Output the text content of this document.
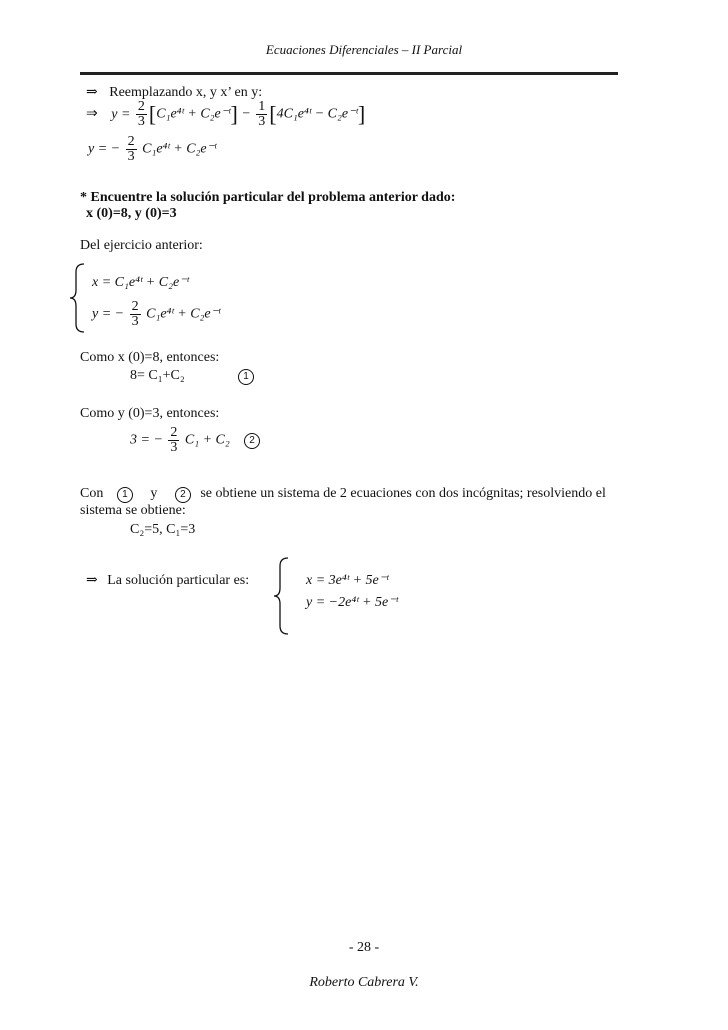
Ecuaciones Diferenciales – II Parcial
⇒ Reemplazando x, y x’ en y:
⇒ $y = \frac{2}{3}$ [C₁e⁴ᵗ + C₂e⁻ᵗ] − $\frac{1}{3}$ [4C₁e⁴ᵗ − C₂e⁻ᵗ]
y = − $\frac{2}{3}$ C₁e⁴ᵗ + C₂e⁻ᵗ
* Encuentre la solución particular del problema anterior dado:
x (0)=8, y (0)=3
Del ejercicio anterior:
x = C₁e⁴ᵗ + C₂e⁻ᵗ
y = − $\frac{2}{3}$ C₁e⁴ᵗ + C₂e⁻ᵗ
Como x (0)=8, entonces:
8= C₁+C₂	1
Como y (0)=3, entonces:
3 = − $\frac{2}{3} C_1 + C_2$	2
Con 1 y 2 se obtiene un sistema de 2 ecuaciones con dos incógnitas; resolviendo el
sistema se obtiene:
C₂=5, C₁=3
⇒ La solución particular es:	x = 3e⁴ᵗ + 5e⁻ᵗ
y = −2e⁴ᵗ + 5e⁻ᵗ
- 28 -
Roberto Cabrera V.
